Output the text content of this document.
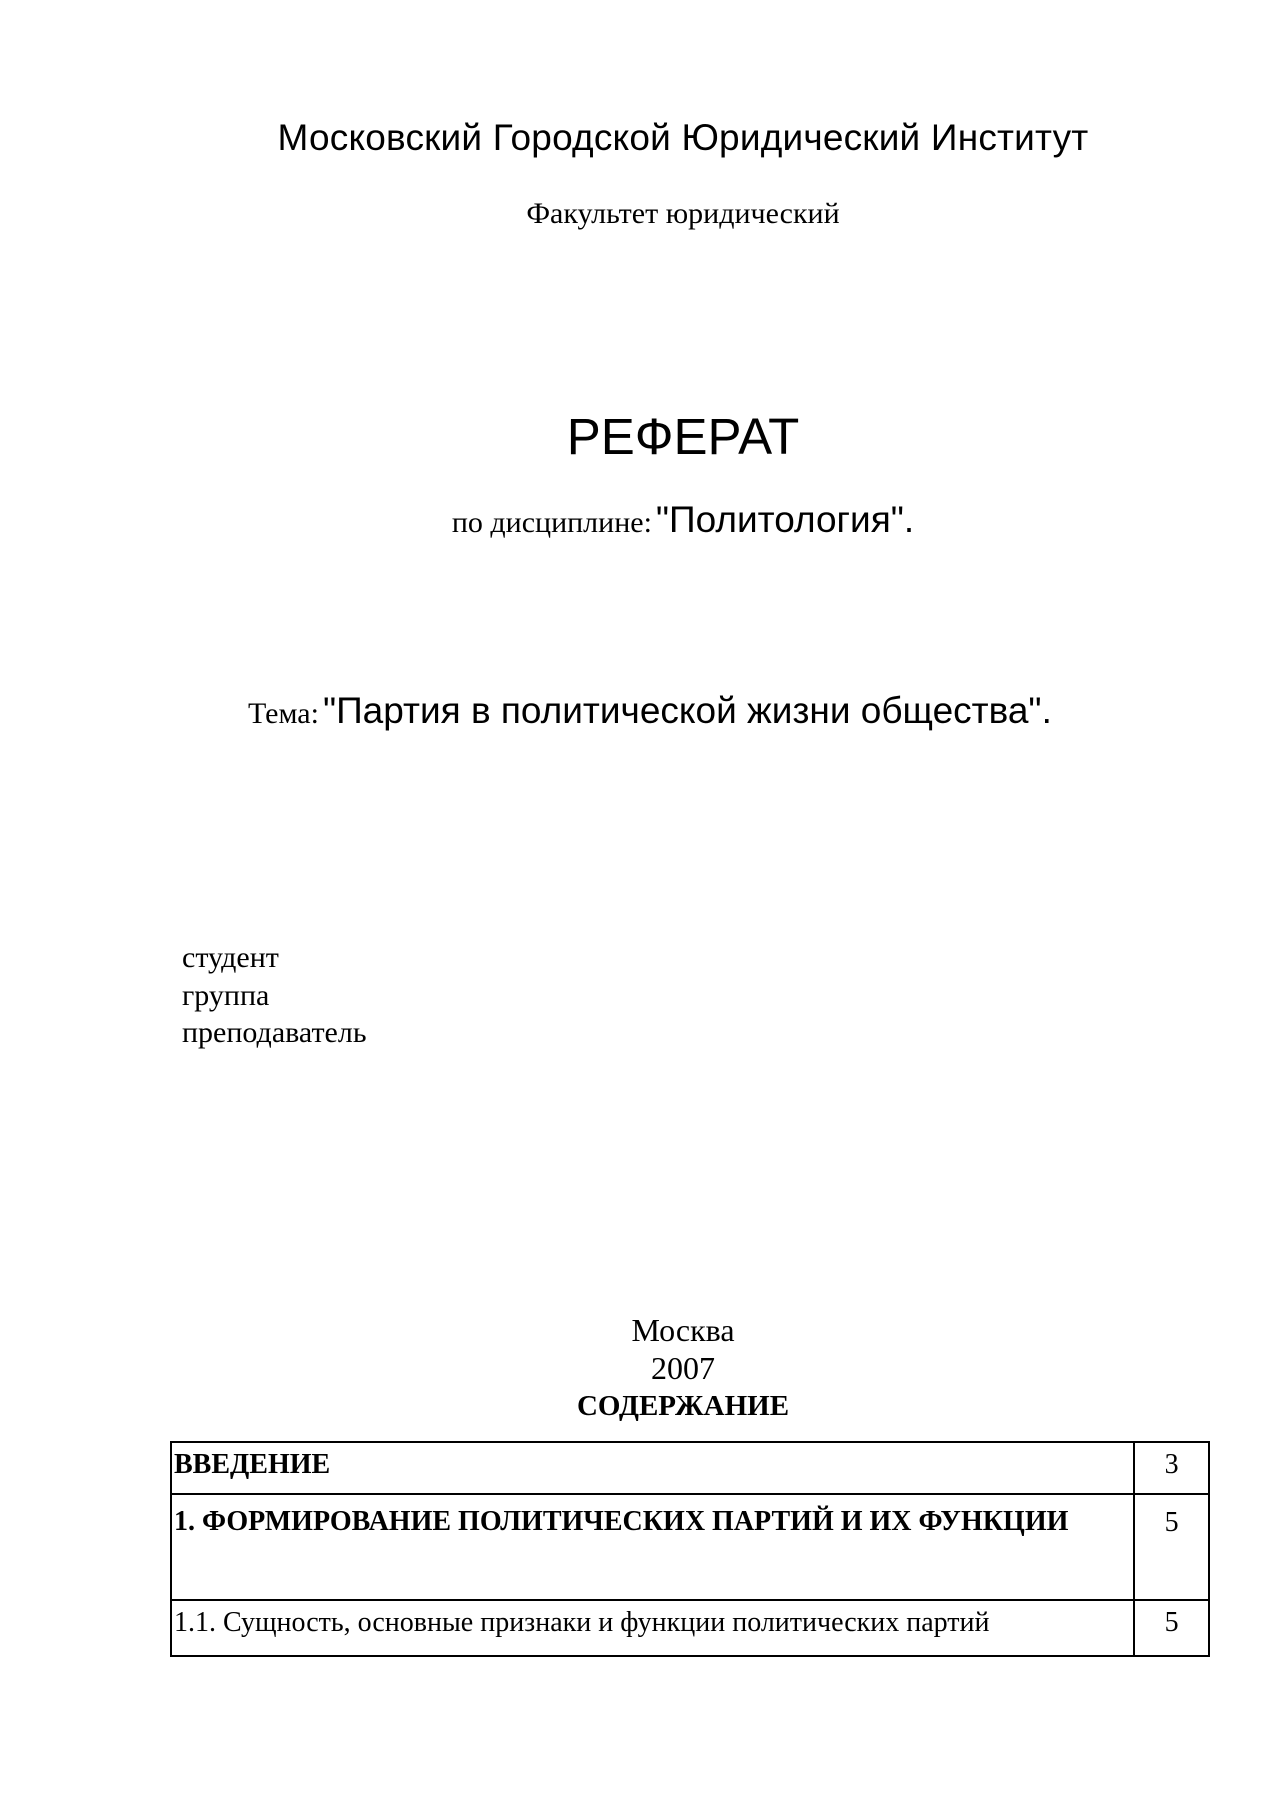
Московский Городской Юридический Институт
Факультет юридический
РЕФЕРАТ
по дисциплине: "Политология".
Тема: "Партия в политической жизни общества".
студент
группа
преподаватель
Москва
2007
СОДЕРЖАНИЕ
ВВЕДЕНИЕ	3
1. ФОРМИРОВАНИЕ ПОЛИТИЧЕСКИХ ПАРТИЙ И ИХ ФУНКЦИИ	5
1.1. Сущность, основные признаки и функции политических партий	5
